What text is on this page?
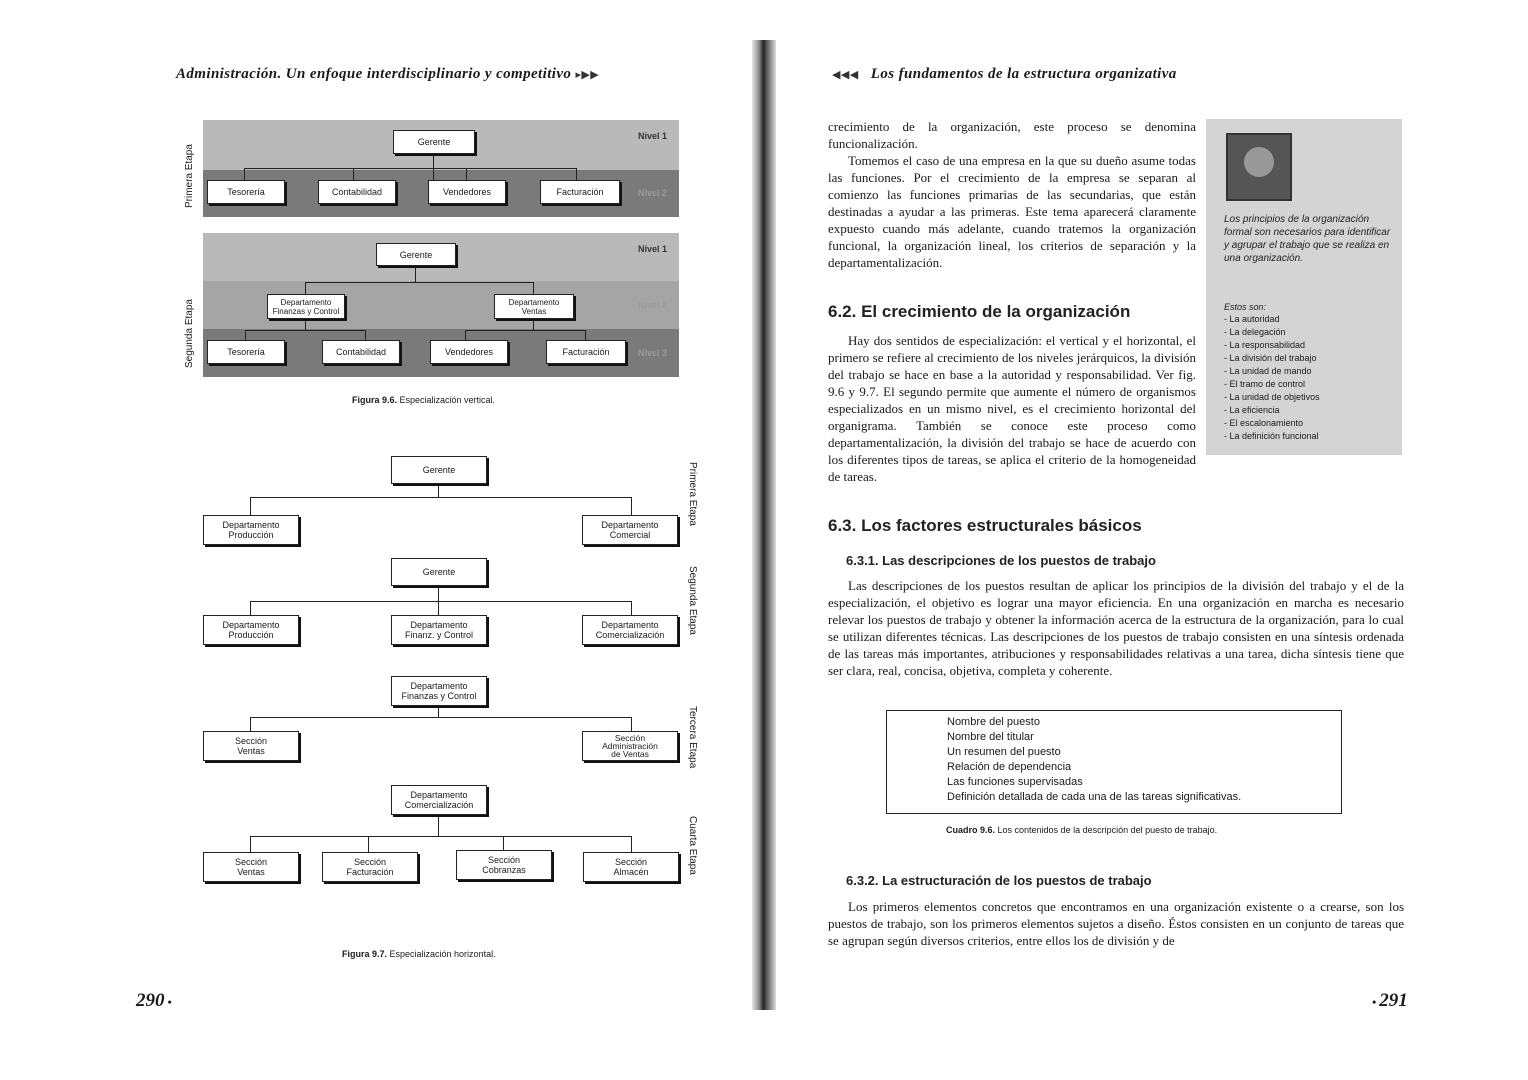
Administración. Un enfoque interdisciplinario y competitivo ▸▶▶
Nivel 1
Nivel 2
Primera Etapa
Gerente
Tesorería	Contabilidad	Vendedores	Facturación
Nivel 1
Nivel 2
Nivel 3
Segunda Etapa
Gerente
Departamento
Finanzas y Control
Departamento
Ventas
Tesorería	Contabilidad	Vendedores	Facturación
Figura 9.6. Especialización vertical.
Primera Etapa
Segunda Etapa
Tercera Etapa
Cuarta Etapa
Gerente
Departamento
Producción
Departamento
Comercial
Gerente
Departamento
Producción
Departamento
Finanz. y Control
Departamento
Comercialización
Departamento
Finanzas y Control
Sección
Ventas
Sección
Administración
de Ventas
Departamento
Comercialización
Sección
Ventas
Sección
Facturación
Sección
Cobranzas
Sección
Almacén
Figura 9.7. Especialización horizontal.
290 •
◀◀◀ Los fundamentos de la estructura organizativa
crecimiento de la organización, este proceso se denomina funcionalización.
Tomemos el caso de una empresa en la que su dueño asume todas las funciones. Por el crecimiento de la empresa se separan al comienzo las funciones primarias de las secundarias, que están destinadas a ayudar a las primeras. Este tema aparecerá claramente expuesto cuando más adelante, cuando tratemos la organización funcional, la organización lineal, los criterios de separación y la departamentalización.
Los principios de la organización formal son necesarios para identificar y agrupar el trabajo que se realiza en una organización.
Estos son:
- La autoridad
- La delegación
- La responsabilidad
- La división del trabajo
- La unidad de mando
- El tramo de control
- La unidad de objetivos
- La eficiencia
- El escalonamiento
- La definición funcional
6.2. El crecimiento de la organización
Hay dos sentidos de especialización: el vertical y el horizontal, el primero se refiere al crecimiento de los niveles jerárquicos, la división del trabajo se hace en base a la autoridad y responsabilidad. Ver fig. 9.6 y 9.7. El segundo permite que aumente el número de organismos especializados en un mismo nivel, es el crecimiento horizontal del organigrama. También se conoce este proceso como departamentalización, la división del trabajo se hace de acuerdo con los diferentes tipos de tareas, se aplica el criterio de la homogeneidad de tareas.
6.3. Los factores estructurales básicos
6.3.1. Las descripciones de los puestos de trabajo
Las descripciones de los puestos resultan de aplicar los principios de la división del trabajo y el de la especialización, el objetivo es lograr una mayor eficiencia. En una organización en marcha es necesario relevar los puestos de trabajo y obtener la información acerca de la estructura de la organización, para lo cual se utilizan diferentes técnicas. Las descripciones de los puestos de trabajo consisten en una síntesis ordenada de las tareas más importantes, atribuciones y responsabilidades relativas a una tarea, dicha síntesis tiene que ser clara, real, concisa, objetiva, completa y coherente.
Nombre del puesto
Nombre del titular
Un resumen del puesto
Relación de dependencia
Las funciones supervisadas
Definición detallada de cada una de las tareas significativas.
Cuadro 9.6. Los contenidos de la descripción del puesto de trabajo.
6.3.2. La estructuración de los puestos de trabajo
Los primeros elementos concretos que encontramos en una organización existente o a crearse, son los puestos de trabajo, son los primeros elementos sujetos a diseño. Éstos consisten en un conjunto de tareas que se agrupan según diversos criterios, entre ellos los de división y de
• 291
